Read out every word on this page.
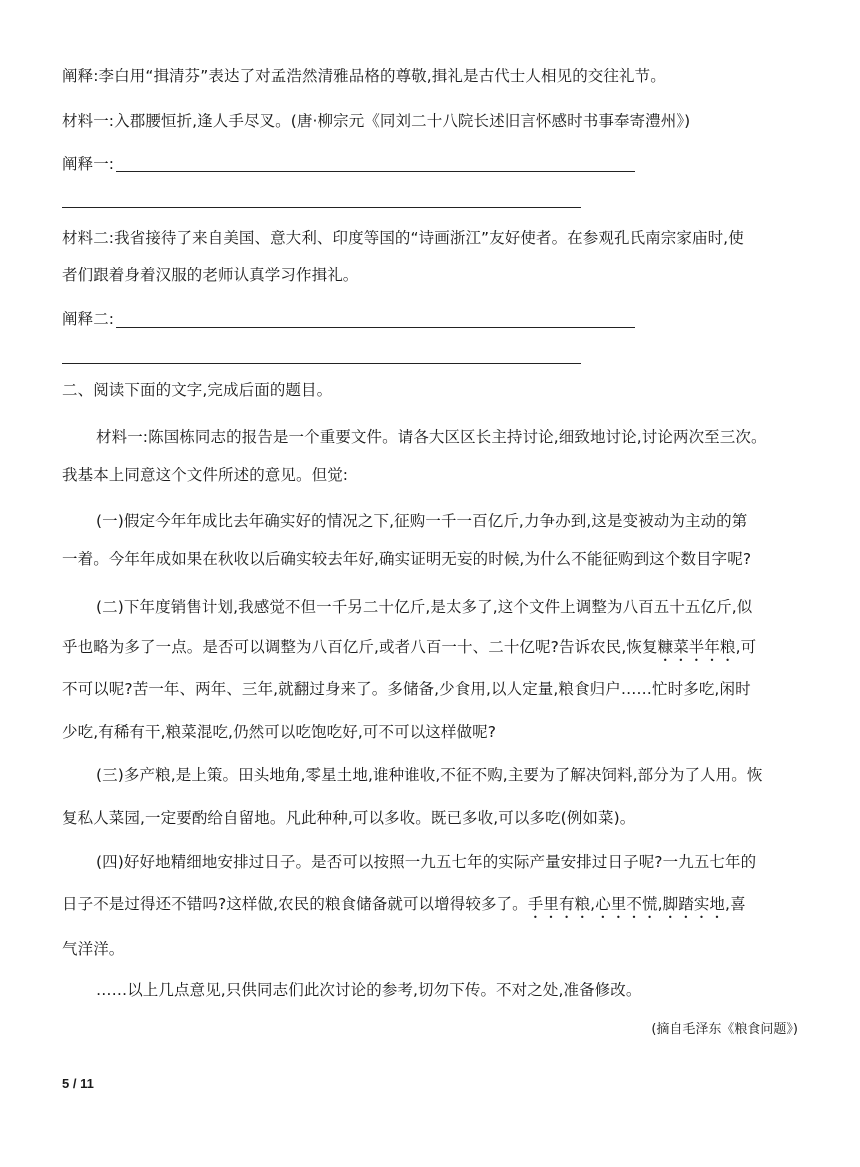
阐释:李白用“揖清芬”表达了对孟浩然清雅品格的尊敬,揖礼是古代士人相见的交往礼节。
材料一:入郡腰恒折,逢人手尽叉。(唐·柳宗元《同刘二十八院长述旧言怀感时书事奉寄澧州》)
阐释一:
材料二:我省接待了来自美国、意大利、印度等国的“诗画浙江”友好使者。在参观孔氏南宗家庙时,使
者们跟着身着汉服的老师认真学习作揖礼。
阐释二:
二、阅读下面的文字,完成后面的题目。
材料一:陈国栋同志的报告是一个重要文件。请各大区区长主持讨论,细致地讨论,讨论两次至三次。
我基本上同意这个文件所述的意见。但觉:
(一)假定今年年成比去年确实好的情况之下,征购一千一百亿斤,力争办到,这是变被动为主动的第
一着。今年年成如果在秋收以后确实较去年好,确实证明无妄的时候,为什么不能征购到这个数目字呢?
(二)下年度销售计划,我感觉不但一千另二十亿斤,是太多了,这个文件上调整为八百五十五亿斤,似
乎也略为多了一点。是否可以调整为八百亿斤,或者八百一十、二十亿呢?告诉农民,恢复糠菜半年粮,可
不可以呢?苦一年、两年、三年,就翻过身来了。多储备,少食用,以人定量,粮食归户……忙时多吃,闲时
少吃,有稀有干,粮菜混吃,仍然可以吃饱吃好,可不可以这样做呢?
(三)多产粮,是上策。田头地角,零星土地,谁种谁收,不征不购,主要为了解决饲料,部分为了人用。恢
复私人菜园,一定要酌给自留地。凡此种种,可以多收。既已多收,可以多吃(例如菜)。
(四)好好地精细地安排过日子。是否可以按照一九五七年的实际产量安排过日子呢?一九五七年的
日子不是过得还不错吗?这样做,农民的粮食储备就可以增得较多了。手里有粮,心里不慌,脚踏实地,喜
气洋洋。
……以上几点意见,只供同志们此次讨论的参考,切勿下传。不对之处,准备修改。
(摘自毛泽东《粮食问题》)
5 / 11
